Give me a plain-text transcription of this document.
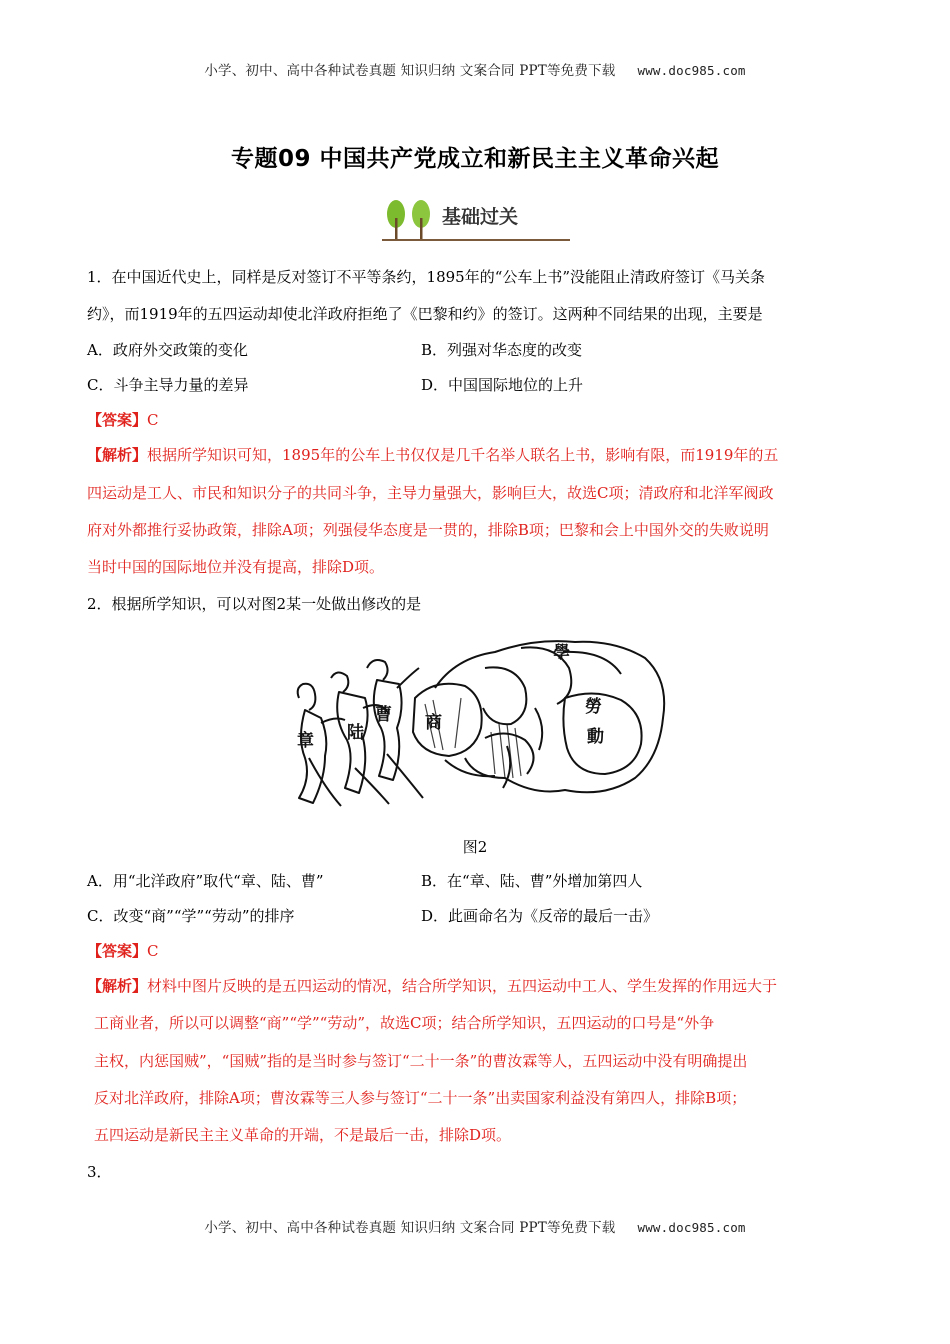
小学、初中、高中各种试卷真题 知识归纳 文案合同 PPT等免费下载 www.doc985.com
专题09 中国共产党成立和新民主主义革命兴起
基础过关
1．在中国近代史上，同样是反对签订不平等条约，1895年的“公车上书”没能阻止清政府签订《马关条
约》，而1919年的五四运动却使北洋政府拒绝了《巴黎和约》的签订。这两种不同结果的出现，主要是
A．政府外交政策的变化	B．列强对华态度的改变
C．斗争主导力量的差异	D．中国国际地位的上升
【答案】C
【解析】根据所学知识可知，1895年的公车上书仅仅是几千名举人联名上书，影响有限，而1919年的五
四运动是工人、市民和知识分子的共同斗争，主导力量强大，影响巨大，故选C项；清政府和北洋军阀政
府对外都推行妥协政策，排除A项；列强侵华态度是一贯的，排除B项；巴黎和会上中国外交的失败说明
当时中国的国际地位并没有提高，排除D项。
2．根据所学知识，可以对图2某一处做出修改的是
章 陆
曹 商
學
勞
動
图2
A．用“北洋政府”取代“章、陆、曹”	B．在“章、陆、曹”外增加第四人
C．改变“商”“学”“劳动”的排序	D．此画命名为《反帝的最后一击》
【答案】C
【解析】材料中图片反映的是五四运动的情况，结合所学知识，五四运动中工人、学生发挥的作用远大于
工商业者，所以可以调整“商”“学”“劳动”，故选C项；结合所学知识，五四运动的口号是“外争
主权，内惩国贼”，“国贼”指的是当时参与签订“二十一条”的曹汝霖等人，五四运动中没有明确提出
反对北洋政府，排除A项；曹汝霖等三人参与签订“二十一条”出卖国家利益没有第四人，排除B项；
五四运动是新民主主义革命的开端，不是最后一击，排除D项。
3．
小学、初中、高中各种试卷真题 知识归纳 文案合同 PPT等免费下载 www.doc985.com
